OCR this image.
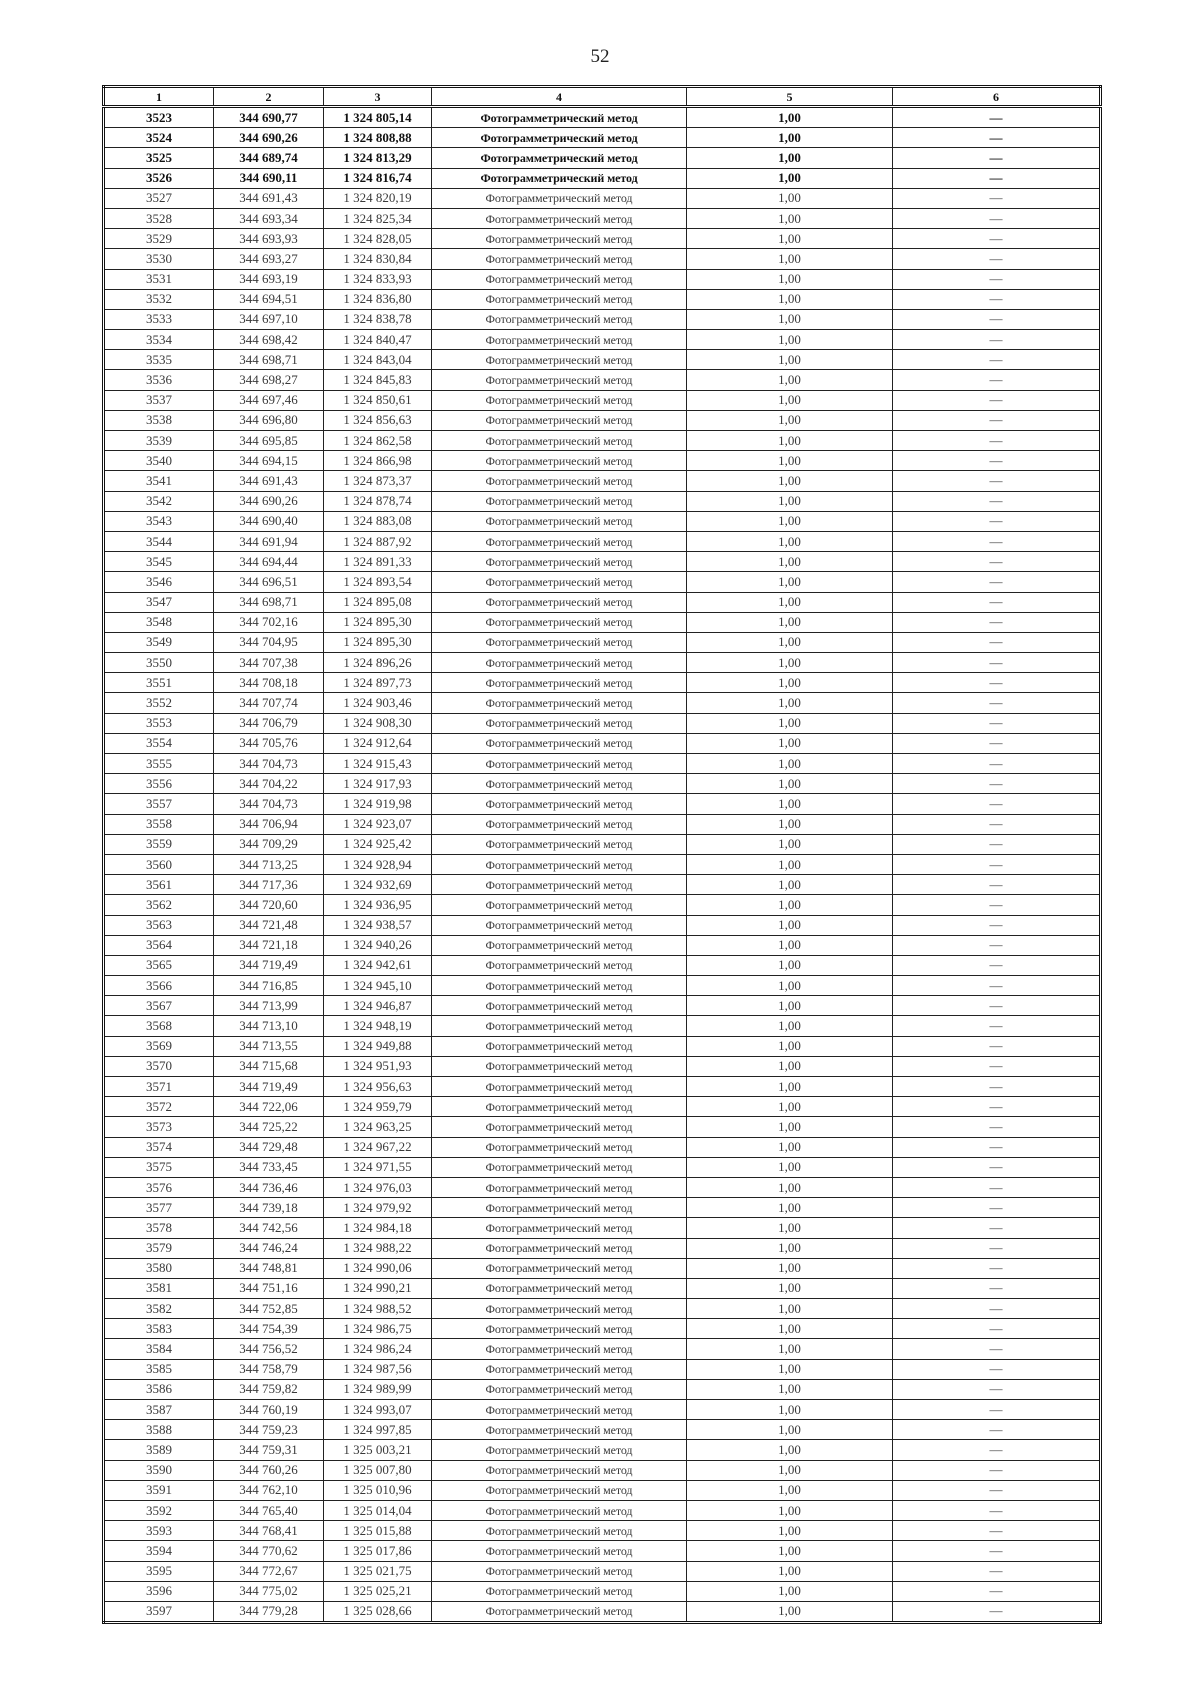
52
1	2	3	4	5	6
3523	344 690,77	1 324 805,14	Фотограмметрический метод	1,00	—
3524	344 690,26	1 324 808,88	Фотограмметрический метод	1,00	—
3525	344 689,74	1 324 813,29	Фотограмметрический метод	1,00	—
3526	344 690,11	1 324 816,74	Фотограмметрический метод	1,00	—
3527	344 691,43	1 324 820,19	Фотограмметрический метод	1,00	—
3528	344 693,34	1 324 825,34	Фотограмметрический метод	1,00	—
3529	344 693,93	1 324 828,05	Фотограмметрический метод	1,00	—
3530	344 693,27	1 324 830,84	Фотограмметрический метод	1,00	—
3531	344 693,19	1 324 833,93	Фотограмметрический метод	1,00	—
3532	344 694,51	1 324 836,80	Фотограмметрический метод	1,00	—
3533	344 697,10	1 324 838,78	Фотограмметрический метод	1,00	—
3534	344 698,42	1 324 840,47	Фотограмметрический метод	1,00	—
3535	344 698,71	1 324 843,04	Фотограмметрический метод	1,00	—
3536	344 698,27	1 324 845,83	Фотограмметрический метод	1,00	—
3537	344 697,46	1 324 850,61	Фотограмметрический метод	1,00	—
3538	344 696,80	1 324 856,63	Фотограмметрический метод	1,00	—
3539	344 695,85	1 324 862,58	Фотограмметрический метод	1,00	—
3540	344 694,15	1 324 866,98	Фотограмметрический метод	1,00	—
3541	344 691,43	1 324 873,37	Фотограмметрический метод	1,00	—
3542	344 690,26	1 324 878,74	Фотограмметрический метод	1,00	—
3543	344 690,40	1 324 883,08	Фотограмметрический метод	1,00	—
3544	344 691,94	1 324 887,92	Фотограмметрический метод	1,00	—
3545	344 694,44	1 324 891,33	Фотограмметрический метод	1,00	—
3546	344 696,51	1 324 893,54	Фотограмметрический метод	1,00	—
3547	344 698,71	1 324 895,08	Фотограмметрический метод	1,00	—
3548	344 702,16	1 324 895,30	Фотограмметрический метод	1,00	—
3549	344 704,95	1 324 895,30	Фотограмметрический метод	1,00	—
3550	344 707,38	1 324 896,26	Фотограмметрический метод	1,00	—
3551	344 708,18	1 324 897,73	Фотограмметрический метод	1,00	—
3552	344 707,74	1 324 903,46	Фотограмметрический метод	1,00	—
3553	344 706,79	1 324 908,30	Фотограмметрический метод	1,00	—
3554	344 705,76	1 324 912,64	Фотограмметрический метод	1,00	—
3555	344 704,73	1 324 915,43	Фотограмметрический метод	1,00	—
3556	344 704,22	1 324 917,93	Фотограмметрический метод	1,00	—
3557	344 704,73	1 324 919,98	Фотограмметрический метод	1,00	—
3558	344 706,94	1 324 923,07	Фотограмметрический метод	1,00	—
3559	344 709,29	1 324 925,42	Фотограмметрический метод	1,00	—
3560	344 713,25	1 324 928,94	Фотограмметрический метод	1,00	—
3561	344 717,36	1 324 932,69	Фотограмметрический метод	1,00	—
3562	344 720,60	1 324 936,95	Фотограмметрический метод	1,00	—
3563	344 721,48	1 324 938,57	Фотограмметрический метод	1,00	—
3564	344 721,18	1 324 940,26	Фотограмметрический метод	1,00	—
3565	344 719,49	1 324 942,61	Фотограмметрический метод	1,00	—
3566	344 716,85	1 324 945,10	Фотограмметрический метод	1,00	—
3567	344 713,99	1 324 946,87	Фотограмметрический метод	1,00	—
3568	344 713,10	1 324 948,19	Фотограмметрический метод	1,00	—
3569	344 713,55	1 324 949,88	Фотограмметрический метод	1,00	—
3570	344 715,68	1 324 951,93	Фотограмметрический метод	1,00	—
3571	344 719,49	1 324 956,63	Фотограмметрический метод	1,00	—
3572	344 722,06	1 324 959,79	Фотограмметрический метод	1,00	—
3573	344 725,22	1 324 963,25	Фотограмметрический метод	1,00	—
3574	344 729,48	1 324 967,22	Фотограмметрический метод	1,00	—
3575	344 733,45	1 324 971,55	Фотограмметрический метод	1,00	—
3576	344 736,46	1 324 976,03	Фотограмметрический метод	1,00	—
3577	344 739,18	1 324 979,92	Фотограмметрический метод	1,00	—
3578	344 742,56	1 324 984,18	Фотограмметрический метод	1,00	—
3579	344 746,24	1 324 988,22	Фотограмметрический метод	1,00	—
3580	344 748,81	1 324 990,06	Фотограмметрический метод	1,00	—
3581	344 751,16	1 324 990,21	Фотограмметрический метод	1,00	—
3582	344 752,85	1 324 988,52	Фотограмметрический метод	1,00	—
3583	344 754,39	1 324 986,75	Фотограмметрический метод	1,00	—
3584	344 756,52	1 324 986,24	Фотограмметрический метод	1,00	—
3585	344 758,79	1 324 987,56	Фотограмметрический метод	1,00	—
3586	344 759,82	1 324 989,99	Фотограмметрический метод	1,00	—
3587	344 760,19	1 324 993,07	Фотограмметрический метод	1,00	—
3588	344 759,23	1 324 997,85	Фотограмметрический метод	1,00	—
3589	344 759,31	1 325 003,21	Фотограмметрический метод	1,00	—
3590	344 760,26	1 325 007,80	Фотограмметрический метод	1,00	—
3591	344 762,10	1 325 010,96	Фотограмметрический метод	1,00	—
3592	344 765,40	1 325 014,04	Фотограмметрический метод	1,00	—
3593	344 768,41	1 325 015,88	Фотограмметрический метод	1,00	—
3594	344 770,62	1 325 017,86	Фотограмметрический метод	1,00	—
3595	344 772,67	1 325 021,75	Фотограмметрический метод	1,00	—
3596	344 775,02	1 325 025,21	Фотограмметрический метод	1,00	—
3597	344 779,28	1 325 028,66	Фотограмметрический метод	1,00	—
